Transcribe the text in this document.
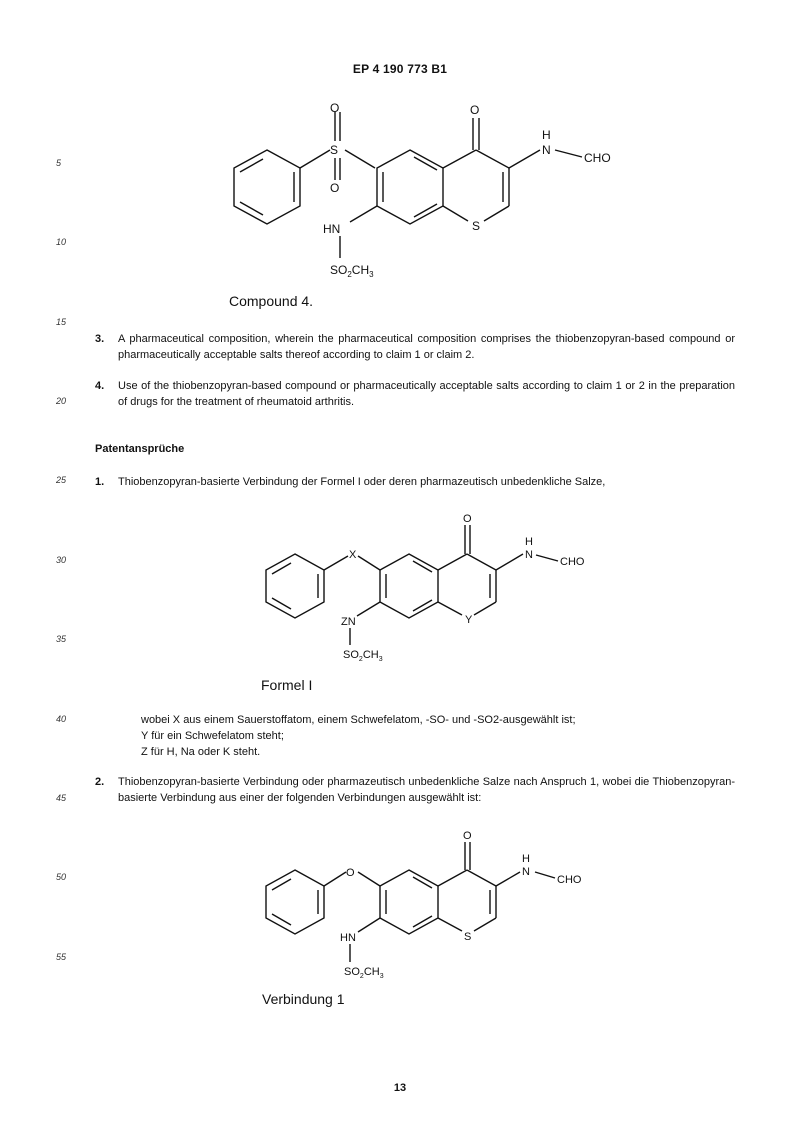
EP 4 190 773 B1
5
10
15
20
25
30
35
40
45
50
55
O
S
O
O
H
N
CHO
S
HN
$SO_2CH_3$
Compound 4.
3. A pharmaceutical composition, wherein the pharmaceutical composition comprises the thiobenzopyran-based compound or pharmaceutically acceptable salts thereof according to claim 1 or claim 2.
4. Use of the thiobenzopyran-based compound or pharmaceutically acceptable salts according to claim 1 or 2 in the preparation of drugs for the treatment of rheumatoid arthritis.
Patentansprüche
1. Thiobenzopyran-basierte Verbindung der Formel I oder deren pharmazeutisch unbedenkliche Salze,
X
O
H
N
CHO
Y
ZN
$SO_2CH_3$
Formel I
wobei X aus einem Sauerstoffatom, einem Schwefelatom, -SO- und -SO2-ausgewählt ist;
Y für ein Schwefelatom steht;
Z für H, Na oder K steht.
2. Thiobenzopyran-basierte Verbindung oder pharmazeutisch unbedenkliche Salze nach Anspruch 1, wobei die Thiobenzopyran-basierte Verbindung aus einer der folgenden Verbindungen ausgewählt ist:
O
O
H
N
CHO
S
HN
$SO_2CH_3$
Verbindung 1
13
